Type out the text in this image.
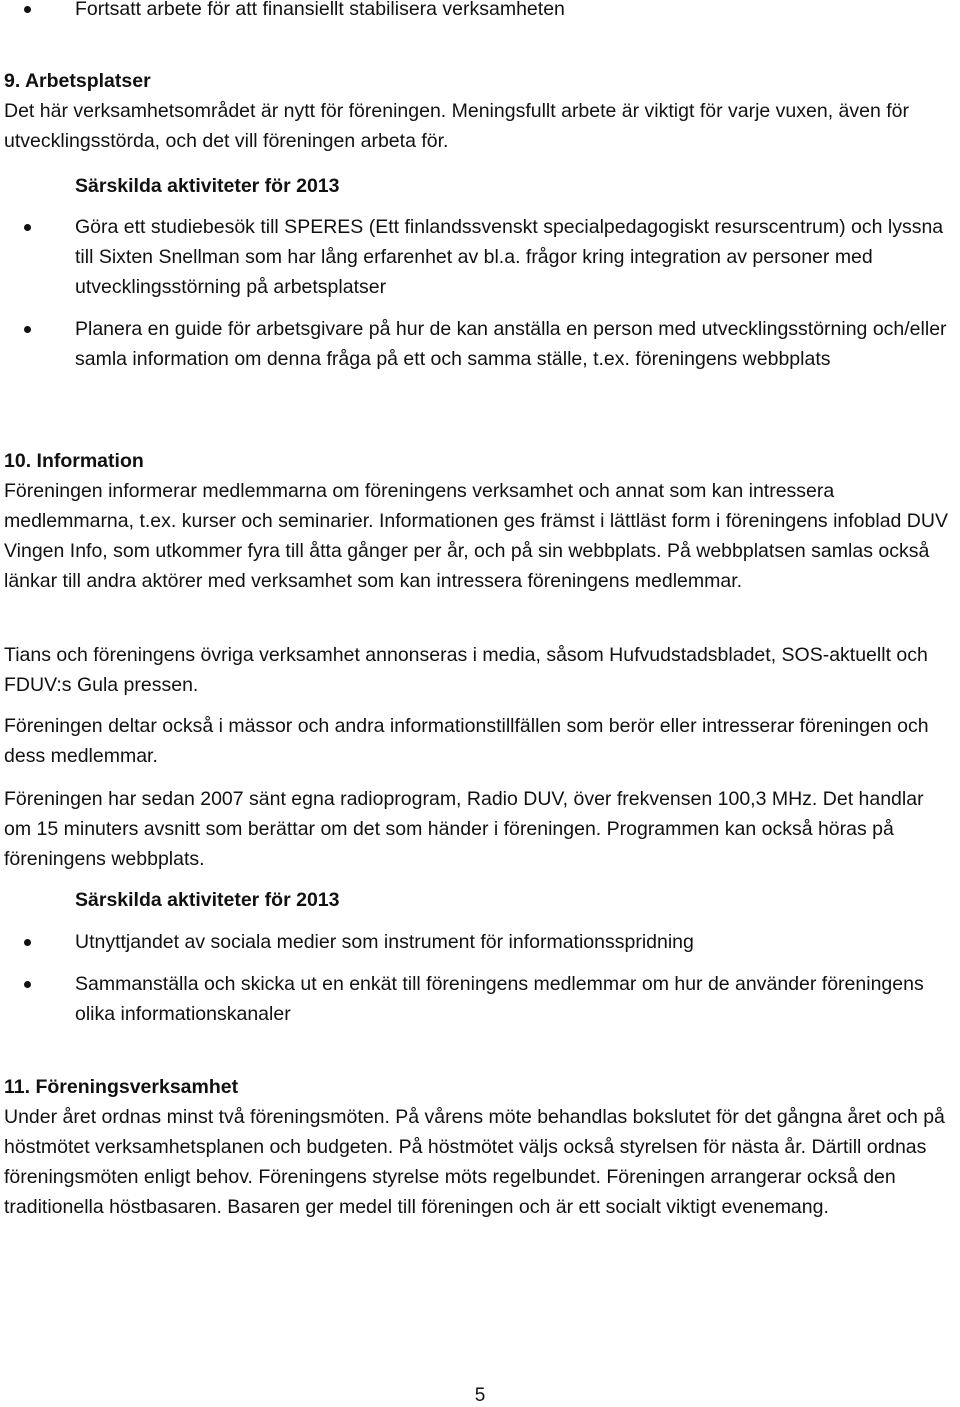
Fortsatt arbete för att finansiellt stabilisera verksamheten

9. Arbetsplatser

Det här verksamhetsområdet är nytt för föreningen. Meningsfullt arbete är viktigt för varje vuxen, även för utvecklingsstörda, och det vill föreningen arbeta för.

Särskilda aktiviteter för 2013

Göra ett studiebesök till SPERES (Ett finlandssvenskt specialpedagogiskt resurscentrum) och lyssna till Sixten Snellman som har lång erfarenhet av bl.a. frågor kring integration av personer med utvecklingsstörning på arbetsplatser

Planera en guide för arbetsgivare på hur de kan anställa en person med utvecklingsstörning och/eller samla information om denna fråga på ett och samma ställe, t.ex. föreningens webbplats

10. Information

Föreningen informerar medlemmarna om föreningens verksamhet och annat som kan intressera medlemmarna, t.ex. kurser och seminarier. Informationen ges främst i lättläst form i föreningens infoblad DUV Vingen Info, som utkommer fyra till åtta gånger per år, och på sin webbplats. På webbplatsen samlas också länkar till andra aktörer med verksamhet som kan intressera föreningens medlemmar.

Tians och föreningens övriga verksamhet annonseras i media, såsom Hufvudstadsbladet, SOS-aktuellt och FDUV:s Gula pressen.

Föreningen deltar också i mässor och andra informationstillfällen som berör eller intresserar föreningen och dess medlemmar.

Föreningen har sedan 2007 sänt egna radioprogram, Radio DUV, över frekvensen 100,3 MHz. Det handlar om 15 minuters avsnitt som berättar om det som händer i föreningen. Programmen kan också höras på föreningens webbplats.

Särskilda aktiviteter för 2013

Utnyttjandet av sociala medier som instrument för informationsspridning

Sammanställa och skicka ut en enkät till föreningens medlemmar om hur de använder föreningens olika informationskanaler

11. Föreningsverksamhet

Under året ordnas minst två föreningsmöten. På vårens möte behandlas bokslutet för det gångna året och på höstmötet verksamhetsplanen och budgeten. På höstmötet väljs också styrelsen för nästa år. Därtill ordnas föreningsmöten enligt behov. Föreningens styrelse möts regelbundet. Föreningen arrangerar också den traditionella höstbasaren. Basaren ger medel till föreningen och är ett socialt viktigt evenemang.

5
